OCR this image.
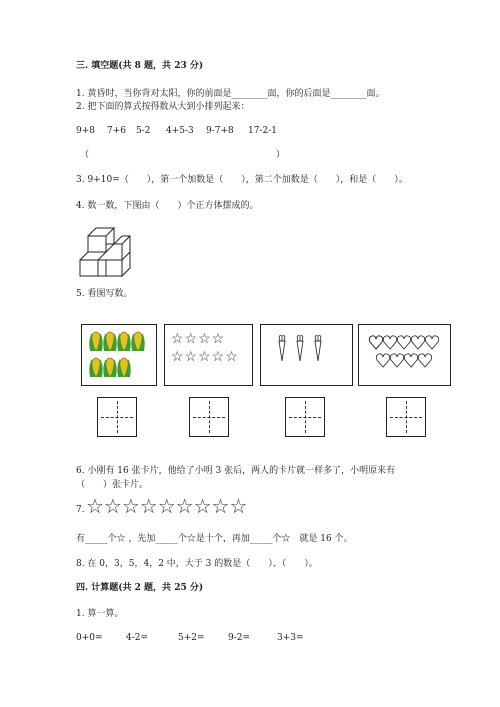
三. 填空题(共 8 题，共 23 分)
1. 黄昏时，当你背对太阳，你的前面是________面，你的后面是________面。
2. 把下面的算式按得数从大到小排列起来：
9+8 7+6 5-2 4+5-3 9-7+8 17-2-1
（	）
3. 9+10=（　　），第一个加数是（　　），第二个加数是（　　），和是（　　）。
4. 数一数，下图由（　　）个正方体摆成的。
5. 看图写数。
☆☆☆☆
☆☆☆☆☆
6. 小刚有 16 张卡片，他给了小明 3 张后，两人的卡片就一样多了，小明原来有
（　　）张卡片。
7. ☆☆☆☆☆☆☆☆☆
有_____个☆ ，先加_____个☆是十个，再加_____个☆　就是 16 个。
8. 在 0，3，5，4，2 中，大于 3 的数是（　　）、（　　）。
四. 计算题(共 2 题，共 25 分)
1. 算一算。
0+0=	4-2=	5+2=	9-2=	3+3=
